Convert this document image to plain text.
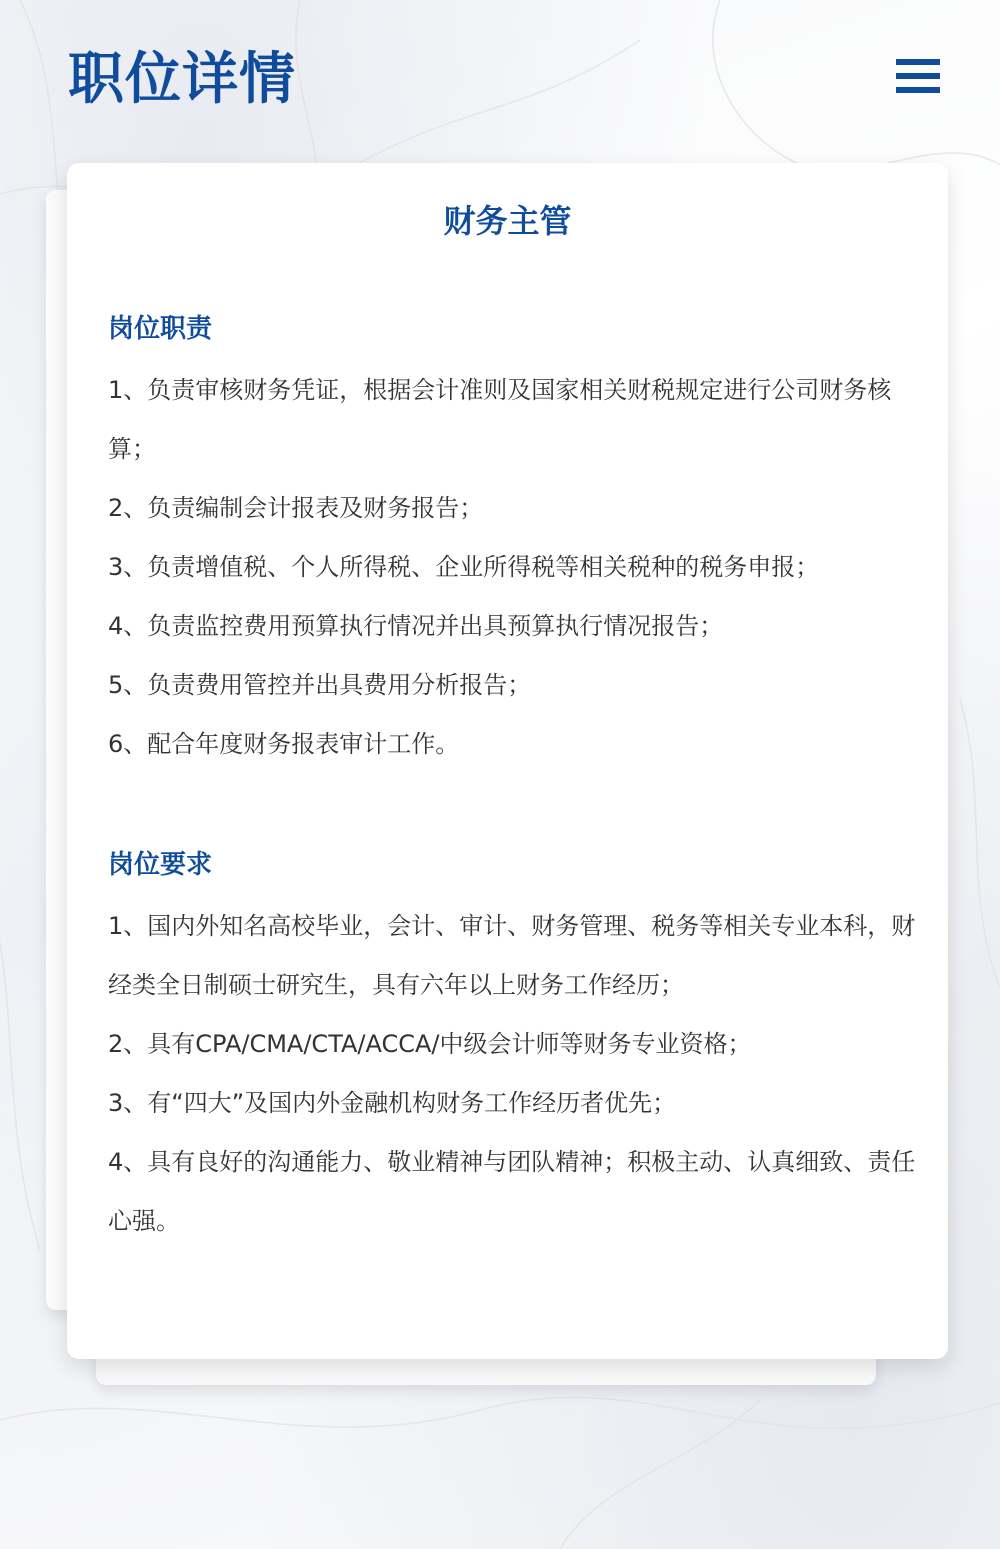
职位详情
财务主管
岗位职责
1、负责审核财务凭证，根据会计准则及国家相关财税规定进行公司财务核算；
2、负责编制会计报表及财务报告；
3、负责增值税、个人所得税、企业所得税等相关税种的税务申报；
4、负责监控费用预算执行情况并出具预算执行情况报告；
5、负责费用管控并出具费用分析报告；
6、配合年度财务报表审计工作。
岗位要求
1、国内外知名高校毕业，会计、审计、财务管理、税务等相关专业本科，财经类全日制硕士研究生，具有六年以上财务工作经历；
2、具有CPA/CMA/CTA/ACCA/中级会计师等财务专业资格；
3、有“四大”及国内外金融机构财务工作经历者优先；
4、具有良好的沟通能力、敬业精神与团队精神；积极主动、认真细致、责任心强。
